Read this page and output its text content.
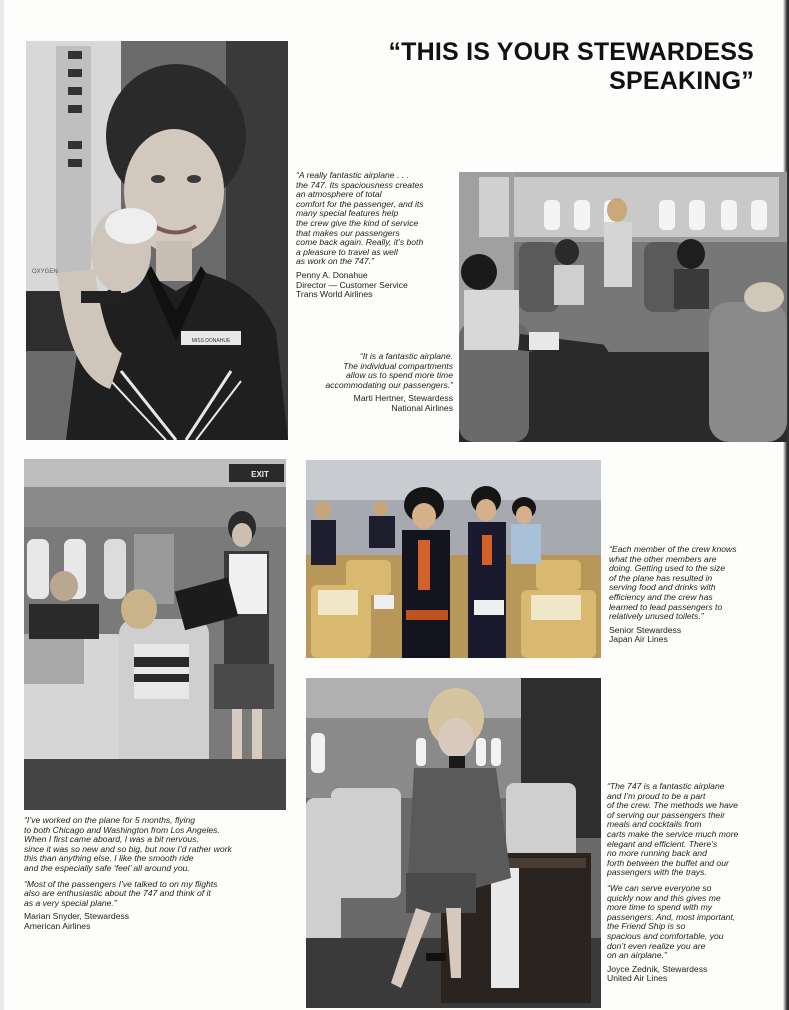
“THIS IS YOUR STEWARDESS
SPEAKING”
MISS DONAHUE
OXYGEN

“A really fantastic airplane . . .
the 747. Its spaciousness creates
an atmosphere of total
comfort for the passenger, and its
many special features help
the crew give the kind of service
that makes our passengers
come back again. Really, it’s both
a pleasure to travel as well
as work on the 747.”

Penny A. Donahue
Director — Customer Service
Trans World Airlines

“It is a fantastic airplane.
The individual compartments
allow us to spend more time
accommodating our passengers.”

Marti Hertner, Stewardess
National Airlines

EXIT

“Each member of the crew knows
what the other members are
doing. Getting used to the size
of the plane has resulted in
serving food and drinks with
efficiency and the crew has
learned to lead passengers to
relatively unused toilets.”

Senior Stewardess
Japan Air Lines

“I’ve worked on the plane for 5 months, flying
to both Chicago and Washington from Los Angeles.
When I first came aboard, I was a bit nervous,
since it was so new and so big, but now I’d rather work
this than anything else. I like the smooth ride
and the especially safe ‘feel’ all around you.

“Most of the passengers I’ve talked to on my flights
also are enthusiastic about the 747 and think of it
as a very special plane.”

Marian Snyder, Stewardess
American Airlines

“The 747 is a fantastic airplane
and I’m proud to be a part
of the crew. The methods we have
of serving our passengers their
meals and cocktails from
carts make the service much more
elegant and efficient. There’s
no more running back and
forth between the buffet and our
passengers with the trays.

“We can serve everyone so
quickly now and this gives me
more time to spend with my
passengers. And, most important,
the Friend Ship is so
spacious and comfortable, you
don’t even realize you are
on an airplane.”

Joyce Zednik, Stewardess
United Air Lines
